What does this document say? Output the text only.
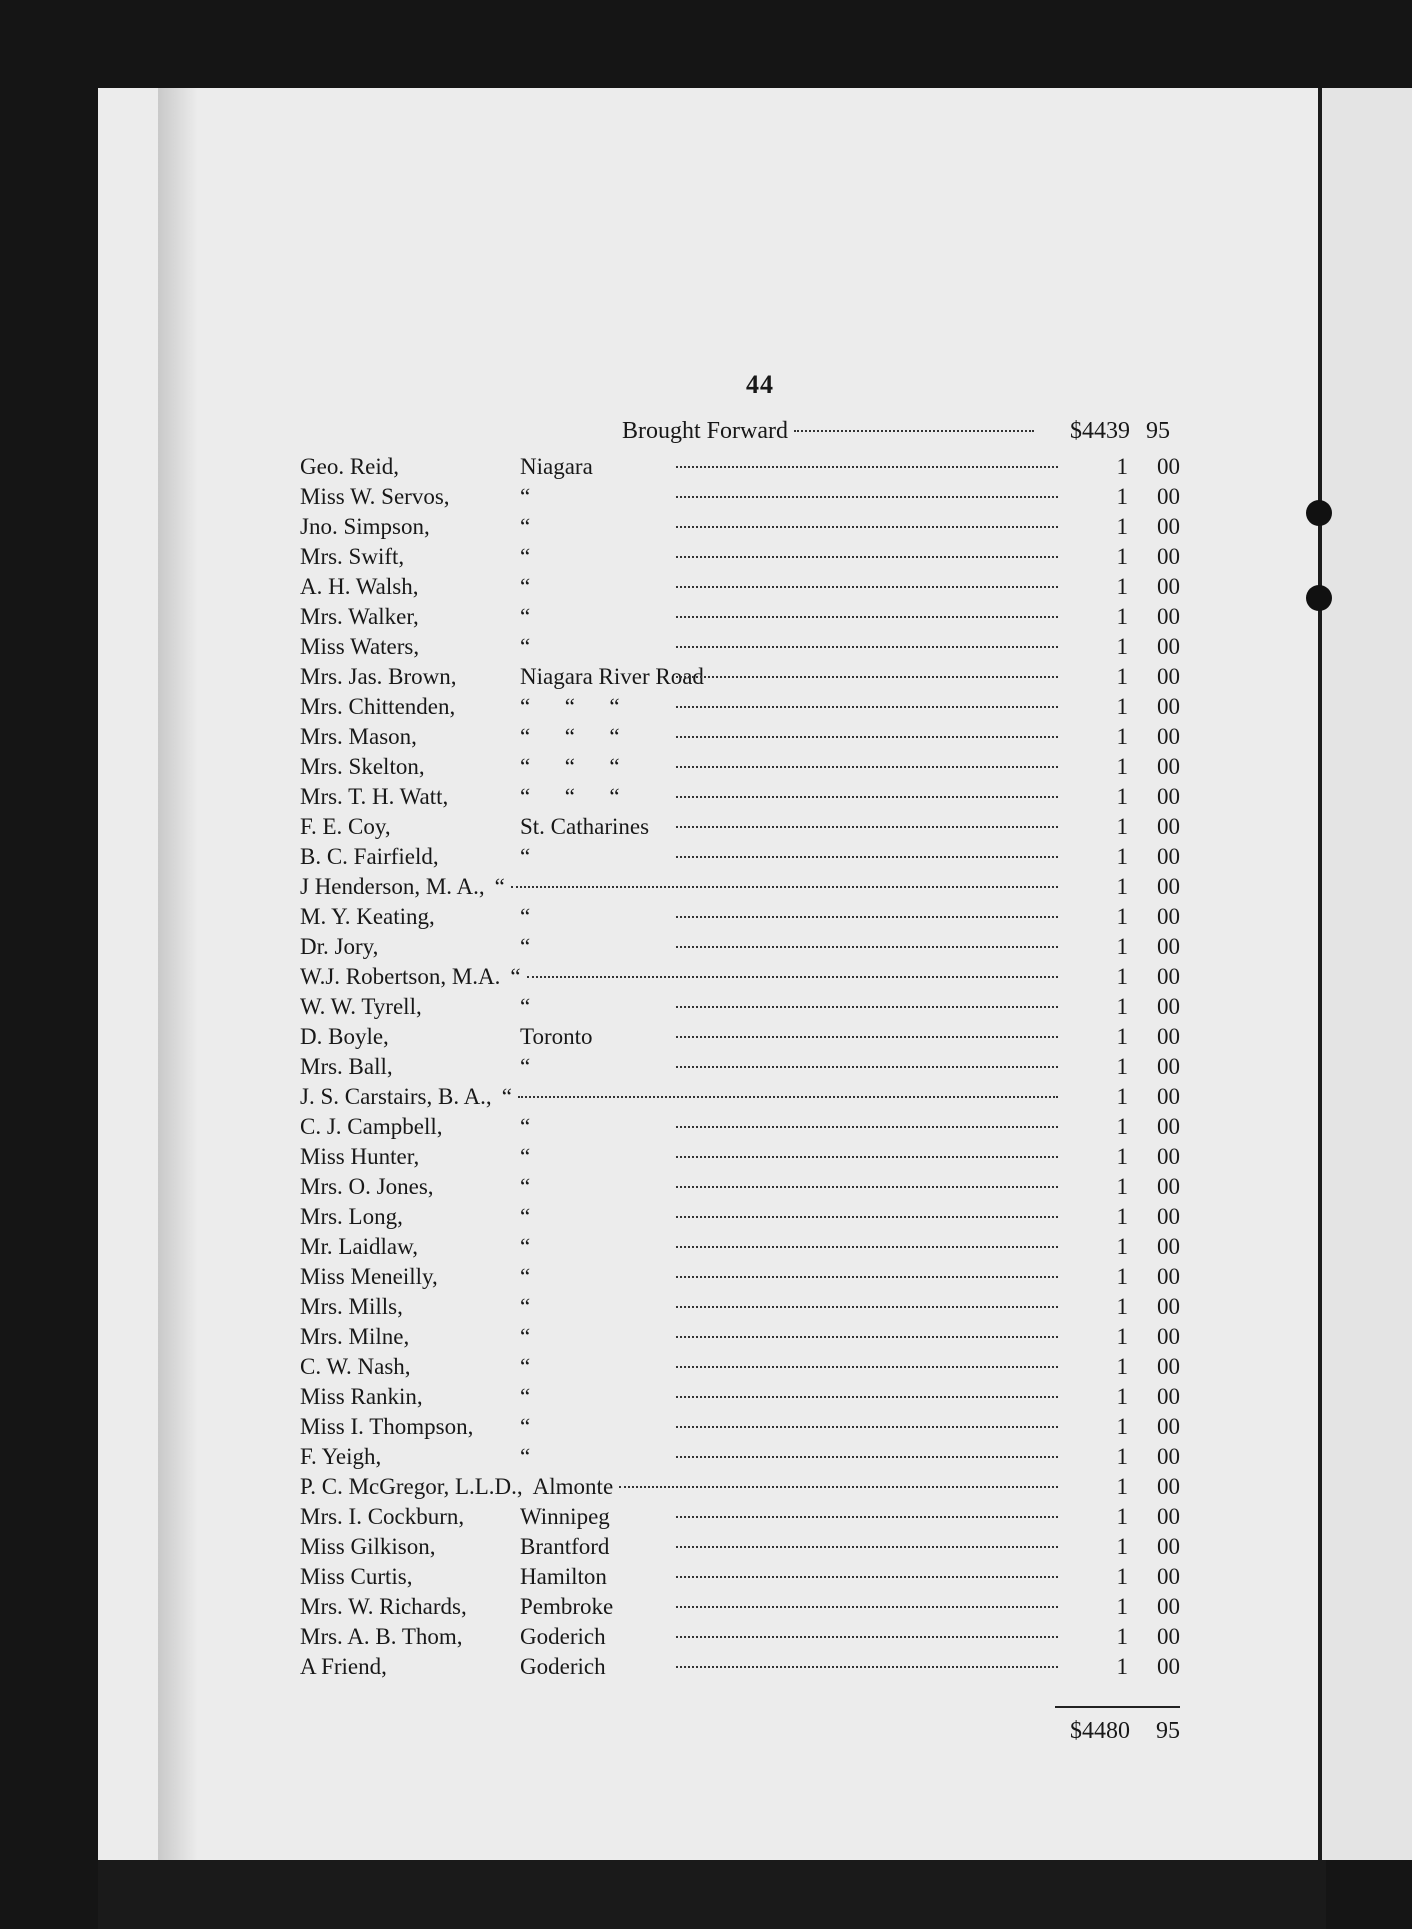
44
Brought Forward	$4439 95
Geo. Reid,	Niagara	1	00
Miss W. Servos,	“	1	00
Jno. Simpson,	“	1	00
Mrs. Swift,	“	1	00
A. H. Walsh,	“	1	00
Mrs. Walker,	“	1	00
Miss Waters,	“	1	00
Mrs. Jas. Brown,	Niagara River Road	1	00
Mrs. Chittenden,	“      “      “	1	00
Mrs. Mason,	“      “      “	1	00
Mrs. Skelton,	“      “      “	1	00
Mrs. T. H. Watt,	“      “      “	1	00
F. E. Coy,	St. Catharines	1	00
B. C. Fairfield,	“	1	00
J Henderson, M. A., “	1	00
M. Y. Keating,	“	1	00
Dr. Jory,	“	1	00
W.J. Robertson, M.A. “	1	00
W. W. Tyrell,	“	1	00
D. Boyle,	Toronto	1	00
Mrs. Ball,	“	1	00
J. S. Carstairs, B. A., “	1	00
C. J. Campbell,	“	1	00
Miss Hunter,	“	1	00
Mrs. O. Jones,	“	1	00
Mrs. Long,	“	1	00
Mr. Laidlaw,	“	1	00
Miss Meneilly,	“	1	00
Mrs. Mills,	“	1	00
Mrs. Milne,	“	1	00
C. W. Nash,	“	1	00
Miss Rankin,	“	1	00
Miss I. Thompson,	“	1	00
F. Yeigh,	“	1	00
P. C. McGregor, L.L.D., Almonte	1	00
Mrs. I. Cockburn,	Winnipeg	1	00
Miss Gilkison,	Brantford	1	00
Miss Curtis,	Hamilton	1	00
Mrs. W. Richards,	Pembroke	1	00
Mrs. A. B. Thom,	Goderich	1	00
A Friend,	Goderich	1	00
$4480	95
